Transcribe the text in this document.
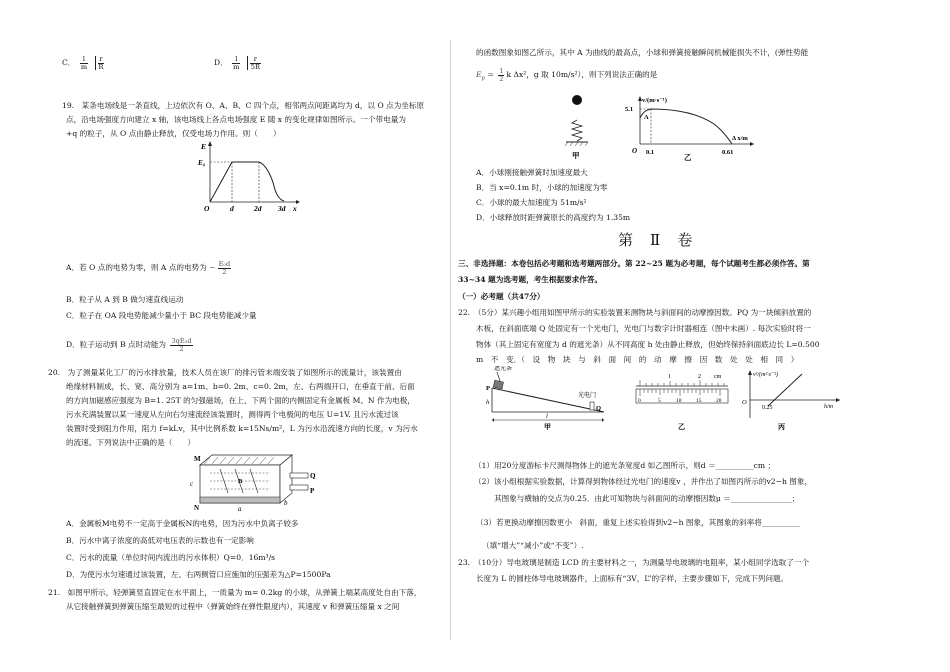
C． $\frac{l}{m}$
$\frac{r}{R}$	D． $\frac{l}{m}$
$\frac{r}{5R}$
19.　某条电场线是一条直线，上边依次有 O、A、B、C 四个点，相邻两点间距离均为 d，以 O 点为坐标原
点，沿电场强度方向建立 x 轴，该电场线上各点电场强度 E 随 x 的变化规律如图所示。一个带电量为
+q 的粒子，从 O 点由静止释放，仅受电场力作用。则（　　）
E
E₀
O	d	2d 3d x
A．若 O 点的电势为零，则 A 点的电势为 − $\frac{\text{E₀d}}{2}$
B．粒子从 A 到 B 做匀速直线运动
C．粒子在 OA 段电势能减少量小于 BC 段电势能减少量
D．粒子运动到 B 点时动能为 $\frac{\text{3qE₀d}}{2}$
20.　为了测量某化工厂的污水排放量，技术人员在该厂的排污管末端安装了如图所示的流量计，该装置由
绝缘材料制成，长、宽、高分别为 a=1m、b=0. 2m、c=0. 2m，左、右两端开口，在垂直于前、后面
的方向加磁感应强度为 B=1. 25T 的匀强磁场，在上、下两个面的内侧固定有金属板 M、N 作为电极，
污水充满装置以某一速度从左向右匀速流经该装置时，测得两个电极间的电压 U=1V. 且污水流过该
装置时受到阻力作用，阻力 f=kLv，其中比例系数 k=15Ns/m²，L 为污水沿流速方向的长度，v 为污水
的流速。下列说法中正确的是（　　）
M
N
B
a
b
c
P
Q
A．金属板M电势不一定高于金属板N的电势，因为污水中负离子较多
B．污水中离子浓度的高低对电压表的示数也有一定影响
C．污水的流量（单位时间内流出的污水体积）Q=0．16m³/s
D．为使污水匀速通过该装置，左、右两侧管口应施加的压强差为△P=1500Pa
21.　如图甲所示，轻弹簧竖直固定在水平面上，一质量为 m= 0.2kg 的小球，从弹簧上端某高度处自由下落，
从它接触弹簧到弹簧压缩至最短的过程中（弹簧始终在弹性限度内），其速度 v 和弹簧压缩量 x 之间
的函数图象如图乙所示，其中 A 为曲线的最高点，小球和弹簧接触瞬间机械能损失不计，(弹性势能
$E_p = \frac{1}{2}$ k Δx²，g 取 10m/s²），则下列说法正确的是
甲
v/(m·s⁻¹)
5.1
A
O 0.1	0.61
Δ x/m
乙
A．小球刚接触弹簧时加速度最大
B．当 x=0.1m 时，小球的加速度为零
C．小球的最大加速度为 51m/s²
D．小球释放时距弹簧原长的高度约为 1.35m
第　Ⅱ　卷
三、非选择题：本卷包括必考题和选考题两部分。第 22~25 题为必考题，每个试题考生都必须作答。第
33~34 题为选考题，考生根据要求作答。
（一）必考题（共47分）
22.　（5分）某兴趣小组用如图甲所示的实验装置来测物块与斜面间的动摩擦因数。PQ 为一块倾斜放置的
木板，在斜面底端 Q 处固定有一个光电门，光电门与数字计时器相连（图中未画）. 每次实验时将一
物体（其上固定有宽度为 d 的遮光条）从不同高度 h 处由静止释放，但始终保持斜面底边长 L=0.500
m　不　变．（　设　物　块　与　斜　面　间　的　动　摩　擦　因　数　处　处　相　同　）
遮光条
光电门
P
Q
h
l
甲
1	2 cm
0	5	10	15	20
乙
v²/(m²·s⁻²)
h/m
O
0.25
丙
（1）用20分度游标卡尺测得物体上的遮光条宽度d 如乙图所示，则d ＝__________cm ；
（2）该小组根据实验数据，计算得到物体经过光电门的速度v ，并作出了如图丙所示的v2−h 图象，
其图象与横轴的交点为0.25．由此可知物块与斜面间的动摩擦因数μ ＝________________；
（3）若更换动摩擦因数更小　斜面，重复上述实验得到v2−h 图象，其图象的斜率将__________
（填“增大”“减小”或“不变”）.
23.　（10分）导电玻璃是制造 LCD 的主要材料之一，为测量导电玻璃的电阻率，某小组同学选取了一个
长度为 L 的圆柱体导电玻璃器件，上面标有“3V，L”的字样，主要步骤如下，完成下列问题。
